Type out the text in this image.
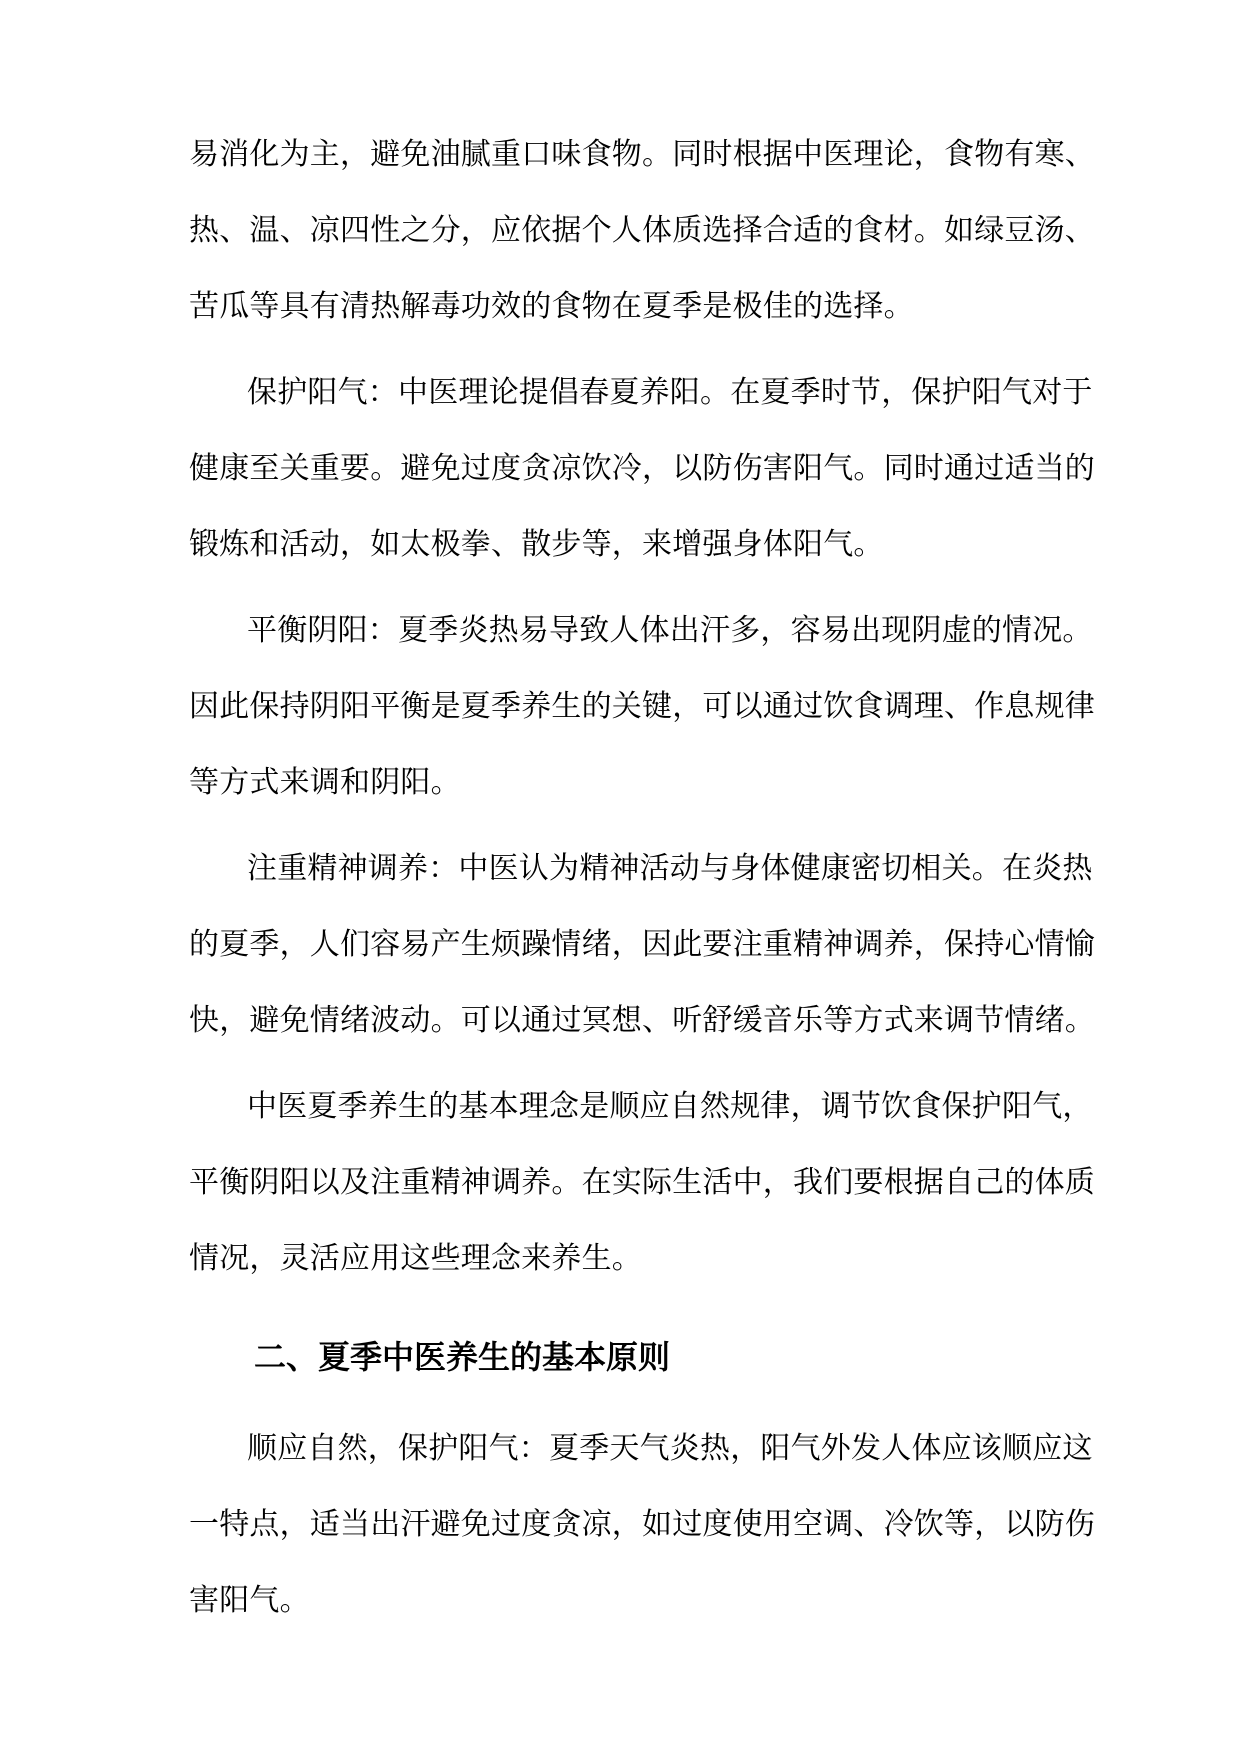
易消化为主，避免油腻重口味食物。同时根据中医理论，食物有寒、
热、温、凉四性之分，应依据个人体质选择合适的食材。如绿豆汤、
苦瓜等具有清热解毒功效的食物在夏季是极佳的选择。
保护阳气：中医理论提倡春夏养阳。在夏季时节，保护阳气对于
健康至关重要。避免过度贪凉饮冷，以防伤害阳气。同时通过适当的
锻炼和活动，如太极拳、散步等，来增强身体阳气。
平衡阴阳：夏季炎热易导致人体出汗多，容易出现阴虚的情况。
因此保持阴阳平衡是夏季养生的关键，可以通过饮食调理、作息规律
等方式来调和阴阳。
注重精神调养：中医认为精神活动与身体健康密切相关。在炎热
的夏季，人们容易产生烦躁情绪，因此要注重精神调养，保持心情愉
快，避免情绪波动。可以通过冥想、听舒缓音乐等方式来调节情绪。
中医夏季养生的基本理念是顺应自然规律，调节饮食保护阳气，
平衡阴阳以及注重精神调养。在实际生活中，我们要根据自己的体质
情况，灵活应用这些理念来养生。
二、夏季中医养生的基本原则
顺应自然，保护阳气：夏季天气炎热，阳气外发人体应该顺应这
一特点，适当出汗避免过度贪凉，如过度使用空调、冷饮等，以防伤
害阳气。
